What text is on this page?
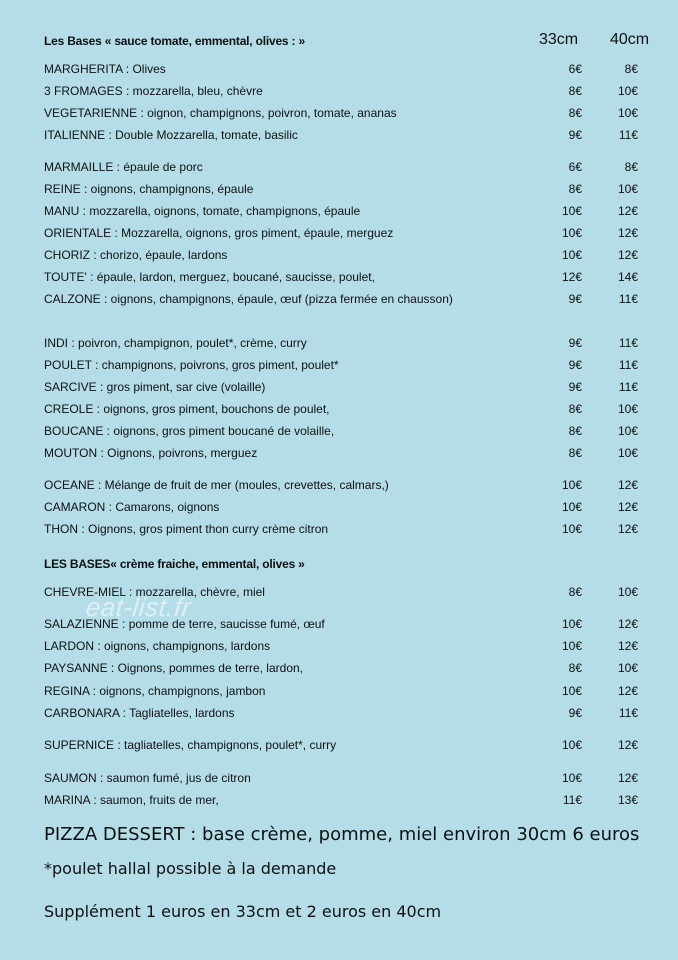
Les Bases « sauce tomate, emmental, olives : »	33cm 40cm
MARGHERITA : Olives	6€	8€
3 FROMAGES : mozzarella, bleu, chèvre	8€	10€
VEGETARIENNE : oignon, champignons, poivron, tomate, ananas	8€	10€
ITALIENNE : Double Mozzarella, tomate, basilic	9€	11€
MARMAILLE : épaule de porc	6€	8€
REINE : oignons, champignons, épaule	8€	10€
MANU : mozzarella, oignons, tomate, champignons, épaule	10€	12€
ORIENTALE : Mozzarella, oignons, gros piment, épaule, merguez	10€	12€
CHORIZ : chorizo, épaule, lardons	10€	12€
TOUTE' : épaule, lardon, merguez, boucané, saucisse, poulet,	12€	14€
CALZONE : oignons, champignons, épaule, œuf (pizza fermée en chausson)	9€	11€
INDI : poivron, champignon, poulet*, crème, curry	9€	11€
POULET : champignons, poivrons, gros piment, poulet*	9€	11€
SARCIVE : gros piment, sar cive (volaille)	9€	11€
CREOLE : oignons, gros piment, bouchons de poulet,	8€	10€
BOUCANE : oignons, gros piment boucané de volaille,	8€	10€
MOUTON : Oignons, poivrons, merguez	8€	10€
OCEANE : Mélange de fruit de mer (moules, crevettes, calmars,)	10€	12€
CAMARON : Camarons, oignons	10€	12€
THON : Oignons, gros piment thon curry crème citron	10€	12€
LES BASES« crème fraiche, emmental, olives »
CHEVRE-MIEL : mozzarella, chèvre, miel	8€	10€
SALAZIENNE : pomme de terre, saucisse fumé, œuf	10€	12€
LARDON : oignons, champignons, lardons	10€	12€
PAYSANNE : Oignons, pommes de terre, lardon,	8€	10€
REGINA : oignons, champignons, jambon	10€	12€
CARBONARA : Tagliatelles, lardons	9€	11€
SUPERNICE : tagliatelles, champignons, poulet*, curry	10€	12€
SAUMON : saumon fumé, jus de citron	10€	12€
MARINA : saumon, fruits de mer,	11€	13€
PIZZA DESSERT : base crème, pomme, miel environ 30cm 6 euros
*poulet hallal possible à la demande
Supplément 1 euros en 33cm et 2 euros en 40cm
eat-list.fr
